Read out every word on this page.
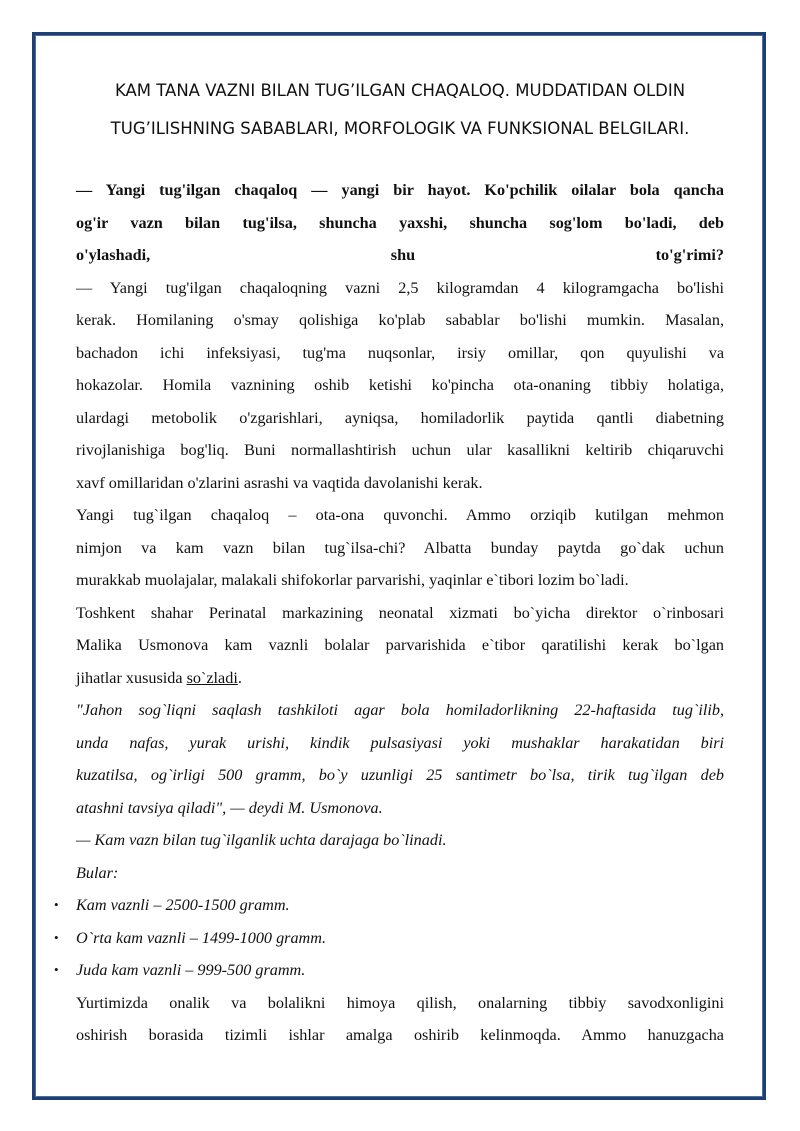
KAM TANA VAZNI BILAN TUG’ILGAN CHAQALOQ. MUDDATIDAN OLDIN
TUG’ILISHNING SABABLARI, MORFOLOGIK VA FUNKSIONAL BELGILARI.

— Yangi tug'ilgan chaqaloq — yangi bir hayot. Ko'pchilik oilalar bola qancha
og'ir vazn bilan tug'ilsa, shuncha yaxshi, shuncha sog'lom bo'ladi, deb
o'ylashadi, shu to'g'rimi?

— Yangi tug'ilgan chaqaloqning vazni 2,5 kilogramdan 4 kilogramgacha bo'lishi
kerak. Homilaning o'smay qolishiga ko'plab sabablar bo'lishi mumkin. Masalan,
bachadon ichi infeksiyasi, tug'ma nuqsonlar, irsiy omillar, qon quyulishi va
hokazolar. Homila vaznining oshib ketishi ko'pincha ota-onaning tibbiy holatiga,
ulardagi metobolik o'zgarishlari, ayniqsa, homiladorlik paytida qantli diabetning
rivojlanishiga bog'liq. Buni normallashtirish uchun ular kasallikni keltirib chiqaruvchi
xavf omillaridan o'zlarini asrashi va vaqtida davolanishi kerak.

Yangi tug`ilgan chaqaloq – ota-ona quvonchi. Ammo orziqib kutilgan mehmon
nimjon va kam vazn bilan tug`ilsa-chi? Albatta bunday paytda go`dak uchun
murakkab muolajalar, malakali shifokorlar parvarishi, yaqinlar e`tibori lozim bo`ladi.

Toshkent shahar Perinatal markazining neonatal xizmati bo`yicha direktor o`rinbosari
Malika Usmonova kam vaznli bolalar parvarishida e`tibor qaratilishi kerak bo`lgan
jihatlar xususida so`zladi.

"Jahon sog`liqni saqlash tashkiloti agar bola homiladorlikning 22-haftasida tug`ilib,
unda nafas, yurak urishi, kindik pulsasiyasi yoki mushaklar harakatidan biri
kuzatilsa, og`irligi 500 gramm, bo`y uzunligi 25 santimetr bo`lsa, tirik tug`ilgan deb
atashni tavsiya qiladi", — deydi M. Usmonova.

— Kam vazn bilan tug`ilganlik uchta darajaga bo`linadi.

Bular:

• Kam vaznli – 2500-1500 gramm.
• O`rta kam vaznli – 1499-1000 gramm.
• Juda kam vaznli – 999-500 gramm.

Yurtimizda onalik va bolalikni himoya qilish, onalarning tibbiy savodxonligini
oshirish borasida tizimli ishlar amalga oshirib kelinmoqda. Ammo hanuzgacha
